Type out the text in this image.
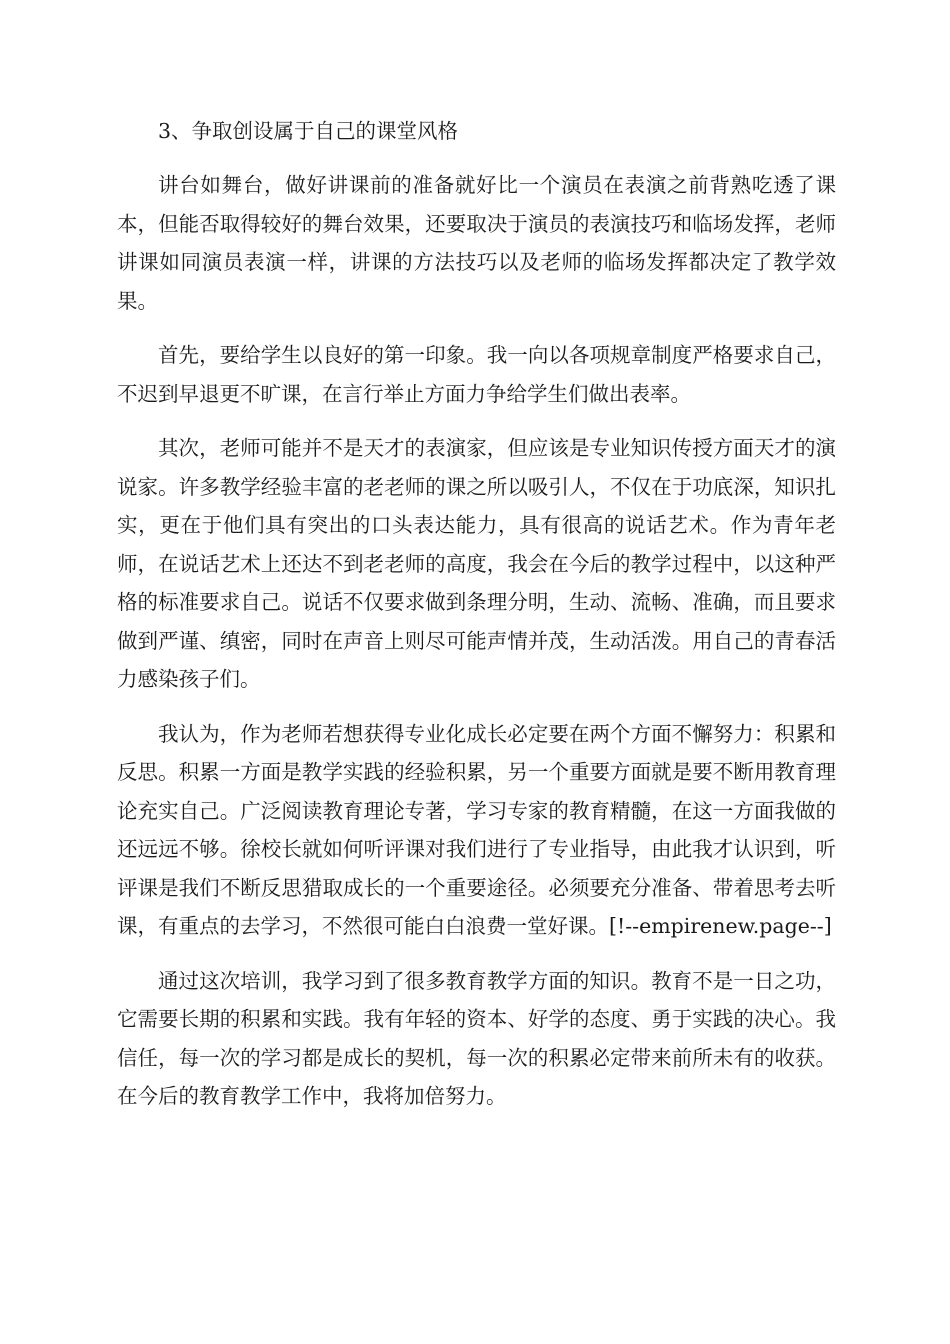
3、争取创设属于自己的课堂风格

讲台如舞台，做好讲课前的准备就好比一个演员在表演之前背熟吃透了课本，但能否取得较好的舞台效果，还要取决于演员的表演技巧和临场发挥，老师讲课如同演员表演一样，讲课的方法技巧以及老师的临场发挥都决定了教学效果。

首先，要给学生以良好的第一印象。我一向以各项规章制度严格要求自己，不迟到早退更不旷课，在言行举止方面力争给学生们做出表率。

其次，老师可能并不是天才的表演家，但应该是专业知识传授方面天才的演说家。许多教学经验丰富的老老师的课之所以吸引人，不仅在于功底深，知识扎实，更在于他们具有突出的口头表达能力，具有很高的说话艺术。作为青年老师，在说话艺术上还达不到老老师的高度，我会在今后的教学过程中，以这种严格的标准要求自己。说话不仅要求做到条理分明，生动、流畅、准确，而且要求做到严谨、缜密，同时在声音上则尽可能声情并茂，生动活泼。用自己的青春活力感染孩子们。

我认为，作为老师若想获得专业化成长必定要在两个方面不懈努力：积累和反思。积累一方面是教学实践的经验积累，另一个重要方面就是要不断用教育理论充实自己。广泛阅读教育理论专著，学习专家的教育精髓，在这一方面我做的还远远不够。徐校长就如何听评课对我们进行了专业指导，由此我才认识到，听评课是我们不断反思猎取成长的一个重要途径。必须要充分准备、带着思考去听课，有重点的去学习，不然很可能白白浪费一堂好课。[!--empirenew.page--]

通过这次培训，我学习到了很多教育教学方面的知识。教育不是一日之功，它需要长期的积累和实践。我有年轻的资本、好学的态度、勇于实践的决心。我信任，每一次的学习都是成长的契机，每一次的积累必定带来前所未有的收获。在今后的教育教学工作中，我将加倍努力。
